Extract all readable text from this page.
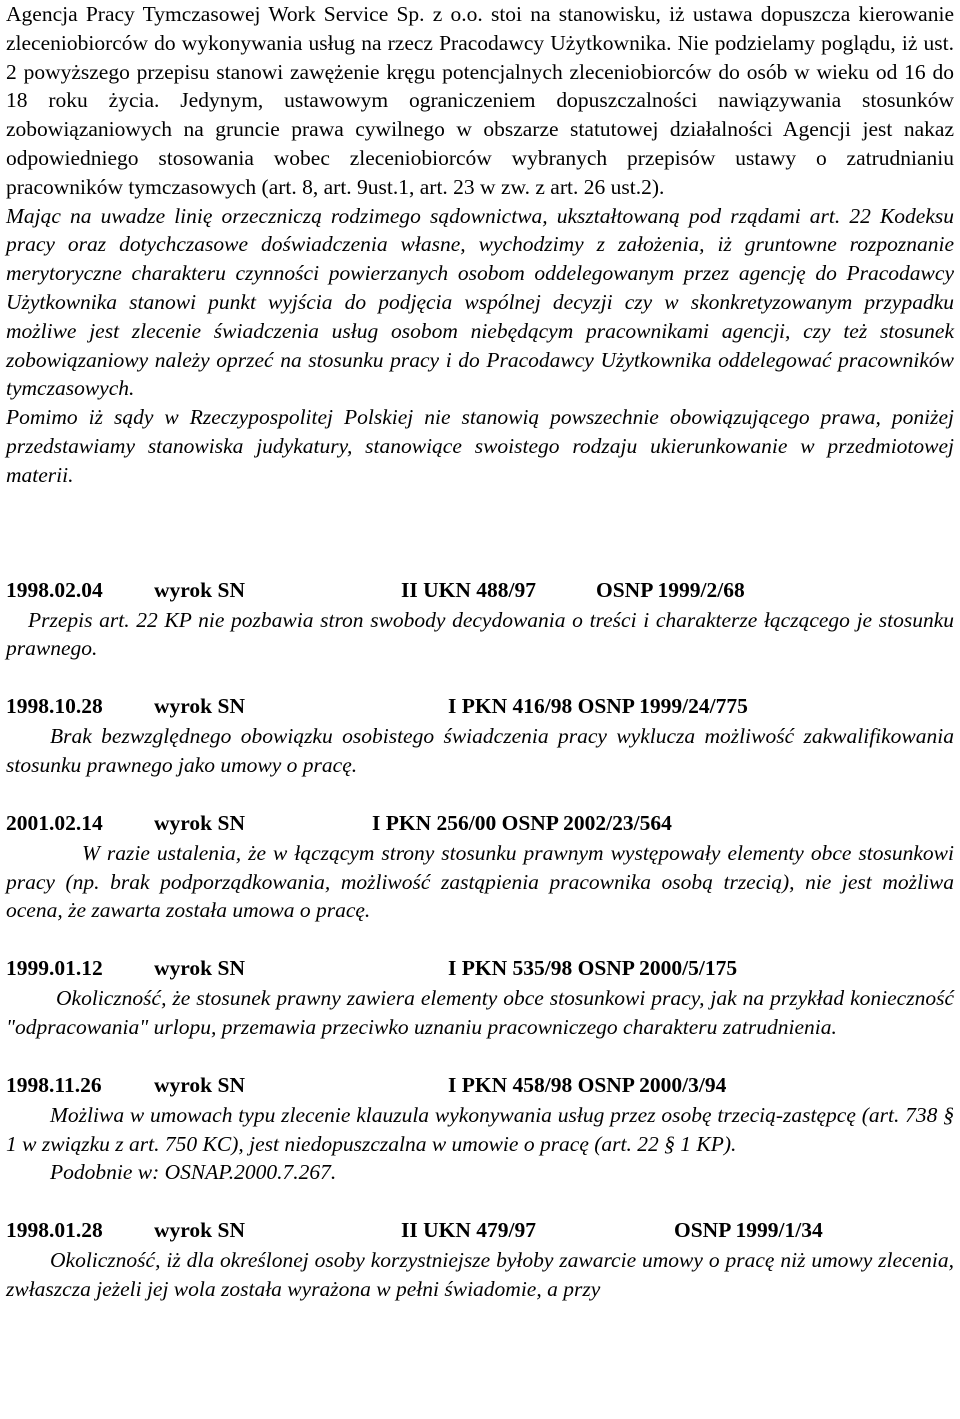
Agencja Pracy Tymczasowej Work Service Sp. z o.o. stoi na stanowisku, iż ustawa dopuszcza kierowanie zleceniobiorców do wykonywania usług na rzecz Pracodawcy Użytkownika. Nie podzielamy poglądu, iż ust. 2 powyższego przepisu stanowi zawężenie kręgu potencjalnych zleceniobiorców do osób w wieku od 16 do 18 roku życia. Jedynym, ustawowym ograniczeniem dopuszczalności nawiązywania stosunków zobowiązaniowych na gruncie prawa cywilnego w obszarze statutowej działalności Agencji jest nakaz odpowiedniego stosowania wobec zleceniobiorców wybranych przepisów ustawy o zatrudnianiu pracowników tymczasowych (art. 8, art. 9ust.1, art. 23 w zw. z art. 26 ust.2).

Mając na uwadze linię orzeczniczą rodzimego sądownictwa, ukształtowaną pod rządami art. 22 Kodeksu pracy oraz dotychczasowe doświadczenia własne, wychodzimy z założenia, iż gruntowne rozpoznanie merytoryczne charakteru czynności powierzanych osobom oddelegowanym przez agencję do Pracodawcy Użytkownika stanowi punkt wyjścia do podjęcia wspólnej decyzji czy w skonkretyzowanym przypadku możliwe jest zlecenie świadczenia usług osobom niebędącym pracownikami agencji, czy też stosunek zobowiązaniowy należy oprzeć na stosunku pracy i do Pracodawcy Użytkownika oddelegować pracowników tymczasowych.

Pomimo iż sądy w Rzeczypospolitej Polskiej nie stanowią powszechnie obowiązującego prawa, poniżej przedstawiamy stanowiska judykatury, stanowiące swoistego rodzaju ukierunkowanie w przedmiotowej materii.

1998.02.04 wyrok SN	II UKN 488/97	OSNP 1999/2/68

Przepis art. 22 KP nie pozbawia stron swobody decydowania o treści i charakterze łączącego je stosunku prawnego.

1998.10.28 wyrok SN	I PKN 416/98 OSNP 1999/24/775

Brak bezwzględnego obowiązku osobistego świadczenia pracy wyklucza możliwość zakwalifikowania stosunku prawnego jako umowy o pracę.

2001.02.14 wyrok SN	I PKN 256/00 OSNP 2002/23/564

W razie ustalenia, że w łączącym strony stosunku prawnym występowały elementy obce stosunkowi pracy (np. brak podporządkowania, możliwość zastąpienia pracownika osobą trzecią), nie jest możliwa ocena, że zawarta została umowa o pracę.

1999.01.12 wyrok SN	I PKN 535/98 OSNP 2000/5/175

Okoliczność, że stosunek prawny zawiera elementy obce stosunkowi pracy, jak na przykład konieczność "odpracowania" urlopu, przemawia przeciwko uznaniu pracowniczego charakteru zatrudnienia.

1998.11.26 wyrok SN	I PKN 458/98 OSNP 2000/3/94

Możliwa w umowach typu zlecenie klauzula wykonywania usług przez osobę trzecią-zastępcę (art. 738 § 1 w związku z art. 750 KC), jest niedopuszczalna w umowie o pracę (art. 22 § 1 KP).

Podobnie w: OSNAP.2000.7.267.

1998.01.28 wyrok SN	II UKN 479/97	OSNP 1999/1/34

Okoliczność, iż dla określonej osoby korzystniejsze byłoby zawarcie umowy o pracę niż umowy zlecenia, zwłaszcza jeżeli jej wola została wyrażona w pełni świadomie, a przy
